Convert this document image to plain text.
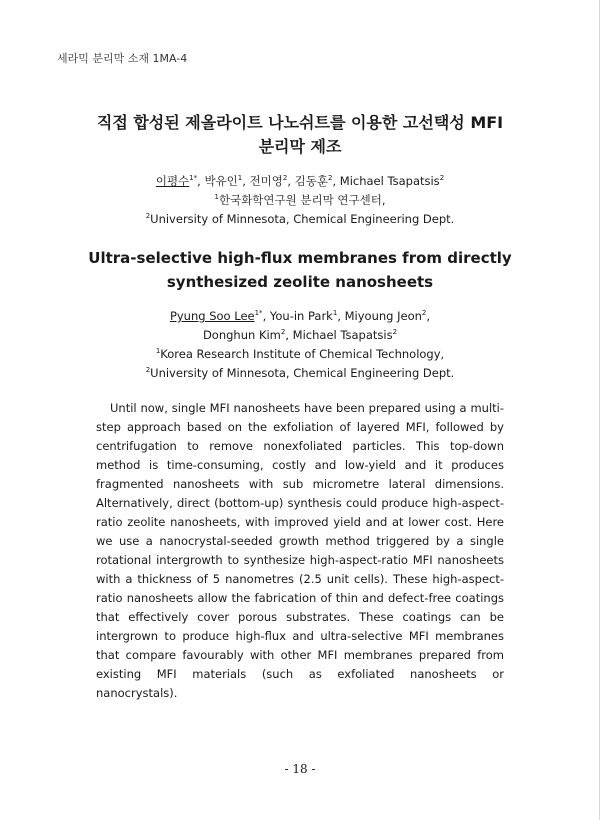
세라믹 분리막 소재 1MA-4
직접 합성된 제올라이트 나노쉬트를 이용한 고선택성 MFI
분리막 제조
이평수$^{1*}$, 박유인$^1$, 전미영$^2$, 김동훈$^2$, Michael Tsapatsis$^2$
$^1$한국화학연구원 분리막 연구센터,
$^2$University of Minnesota, Chemical Engineering Dept.
Ultra-selective high-flux membranes from directly
synthesized zeolite nanosheets
Pyung Soo Lee$^{1*}$, You-in Park$^1$, Miyoung Jeon$^2$,
Donghun Kim$^2$, Michael Tsapatsis$^2$
$^1$Korea Research Institute of Chemical Technology,
$^2$University of Minnesota, Chemical Engineering Dept.
Until now, single MFI nanosheets have been prepared using a multi-step approach based on the exfoliation of layered MFI, followed by centrifugation to remove nonexfoliated particles. This top-down method is time-consuming, costly and low-yield and it produces fragmented nanosheets with sub micrometre lateral dimensions. Alternatively, direct (bottom-up) synthesis could produce high-aspect-ratio zeolite nanosheets, with improved yield and at lower cost. Here we use a nanocrystal-seeded growth method triggered by a single rotational intergrowth to synthesize high-aspect-ratio MFI nanosheets with a thickness of 5 nanometres (2.5 unit cells). These high-aspect-ratio nanosheets allow the fabrication of thin and defect-free coatings that effectively cover porous substrates. These coatings can be intergrown to produce high-flux and ultra-selective MFI membranes that compare favourably with other MFI membranes prepared from existing MFI materials (such as exfoliated nanosheets or nanocrystals).
- 18 -
